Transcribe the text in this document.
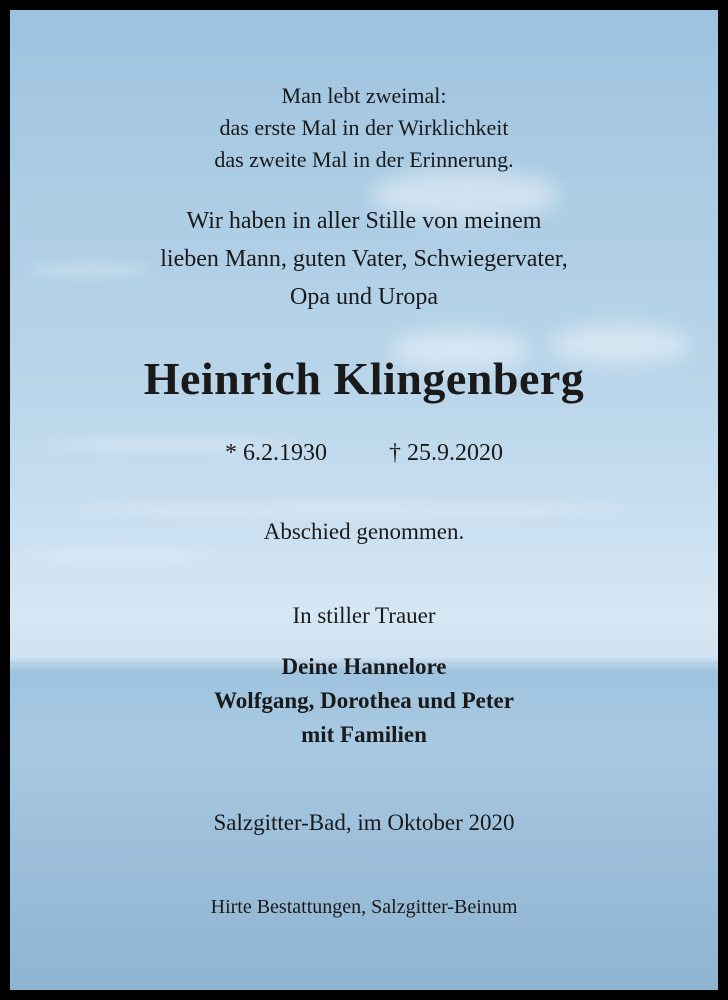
Man lebt zweimal:
das erste Mal in der Wirklichkeit
das zweite Mal in der Erinnerung.
Wir haben in aller Stille von meinem
lieben Mann, guten Vater, Schwiegervater,
Opa und Uropa
Heinrich Klingenberg
* 6.2.1930	† 25.9.2020
Abschied genommen.
In stiller Trauer
Deine Hannelore
Wolfgang, Dorothea und Peter
mit Familien
Salzgitter-Bad, im Oktober 2020
Hirte Bestattungen, Salzgitter-Beinum
